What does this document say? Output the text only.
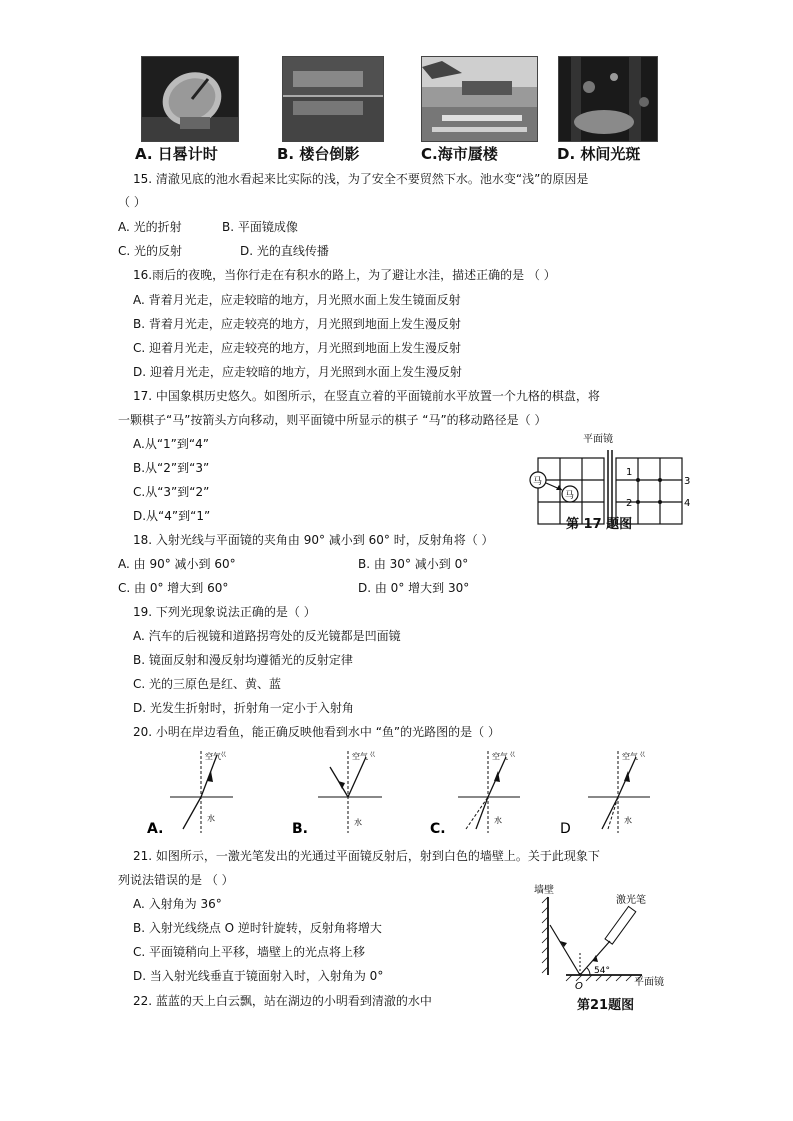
A. 日晷计时	B. 楼台倒影	C.海市蜃楼	D. 林间光斑
15. 清澈见底的池水看起来比实际的浅，为了安全不要贸然下水。池水变“浅”的原因是
（ ）
A. 光的折射	B. 平面镜成像
C. 光的反射	D. 光的直线传播
16.雨后的夜晚，当你行走在有积水的路上，为了避让水洼，描述正确的是 （ ）
A. 背着月光走，应走较暗的地方，月光照水面上发生镜面反射
B. 背着月光走，应走较亮的地方，月光照到地面上发生漫反射
C. 迎着月光走，应走较亮的地方，月光照到地面上发生漫反射
D. 迎着月光走，应走较暗的地方，月光照到水面上发生漫反射
17. 中国象棋历史悠久。如图所示，在竖直立着的平面镜前水平放置一个九格的棋盘，将
一颗棋子“马”按箭头方向移动，则平面镜中所显示的棋子 “马”的移动路径是（ ）
A.从“1”到“4”
B.从“2”到“3”
C.从“3”到“2”
D.从“4”到“1”
马
马
平面镜
1
2
3
4
第 17 题图
18. 入射光线与平面镜的夹角由 90° 减小到 60° 时，反射角将（ ）
A. 由 90° 减小到 60°	B. 由 30° 减小到 0°
C. 由 0° 增大到 60°	D. 由 0° 增大到 30°
19. 下列光现象说法正确的是（ ）
A. 汽车的后视镜和道路拐弯处的反光镜都是凹面镜
B. 镜面反射和漫反射均遵循光的反射定律
C. 光的三原色是红、黄、蓝
D. 光发生折射时，折射角一定小于入射角
20. 小明在岸边看鱼，能正确反映他看到水中 “鱼”的光路图的是（ ）
空气
ㄍ
水
A.
空气 ㄍ
水
B.
空气 ㄍ
水
C.
空气 ㄍ
水
D
21. 如图所示，一激光笔发出的光通过平面镜反射后，射到白色的墙壁上。关于此现象下
列说法错误的是 （ ）
A. 入射角为 36°
B. 入射光线绕点 O 逆时针旋转，反射角将增大
C. 平面镜稍向上平移，墙壁上的光点将上移
D. 当入射光线垂直于镜面射入时，入射角为 0°
墙壁
激光笔
54°
平面镜
O
第21题图
22. 蓝蓝的天上白云飘，站在湖边的小明看到清澈的水中
